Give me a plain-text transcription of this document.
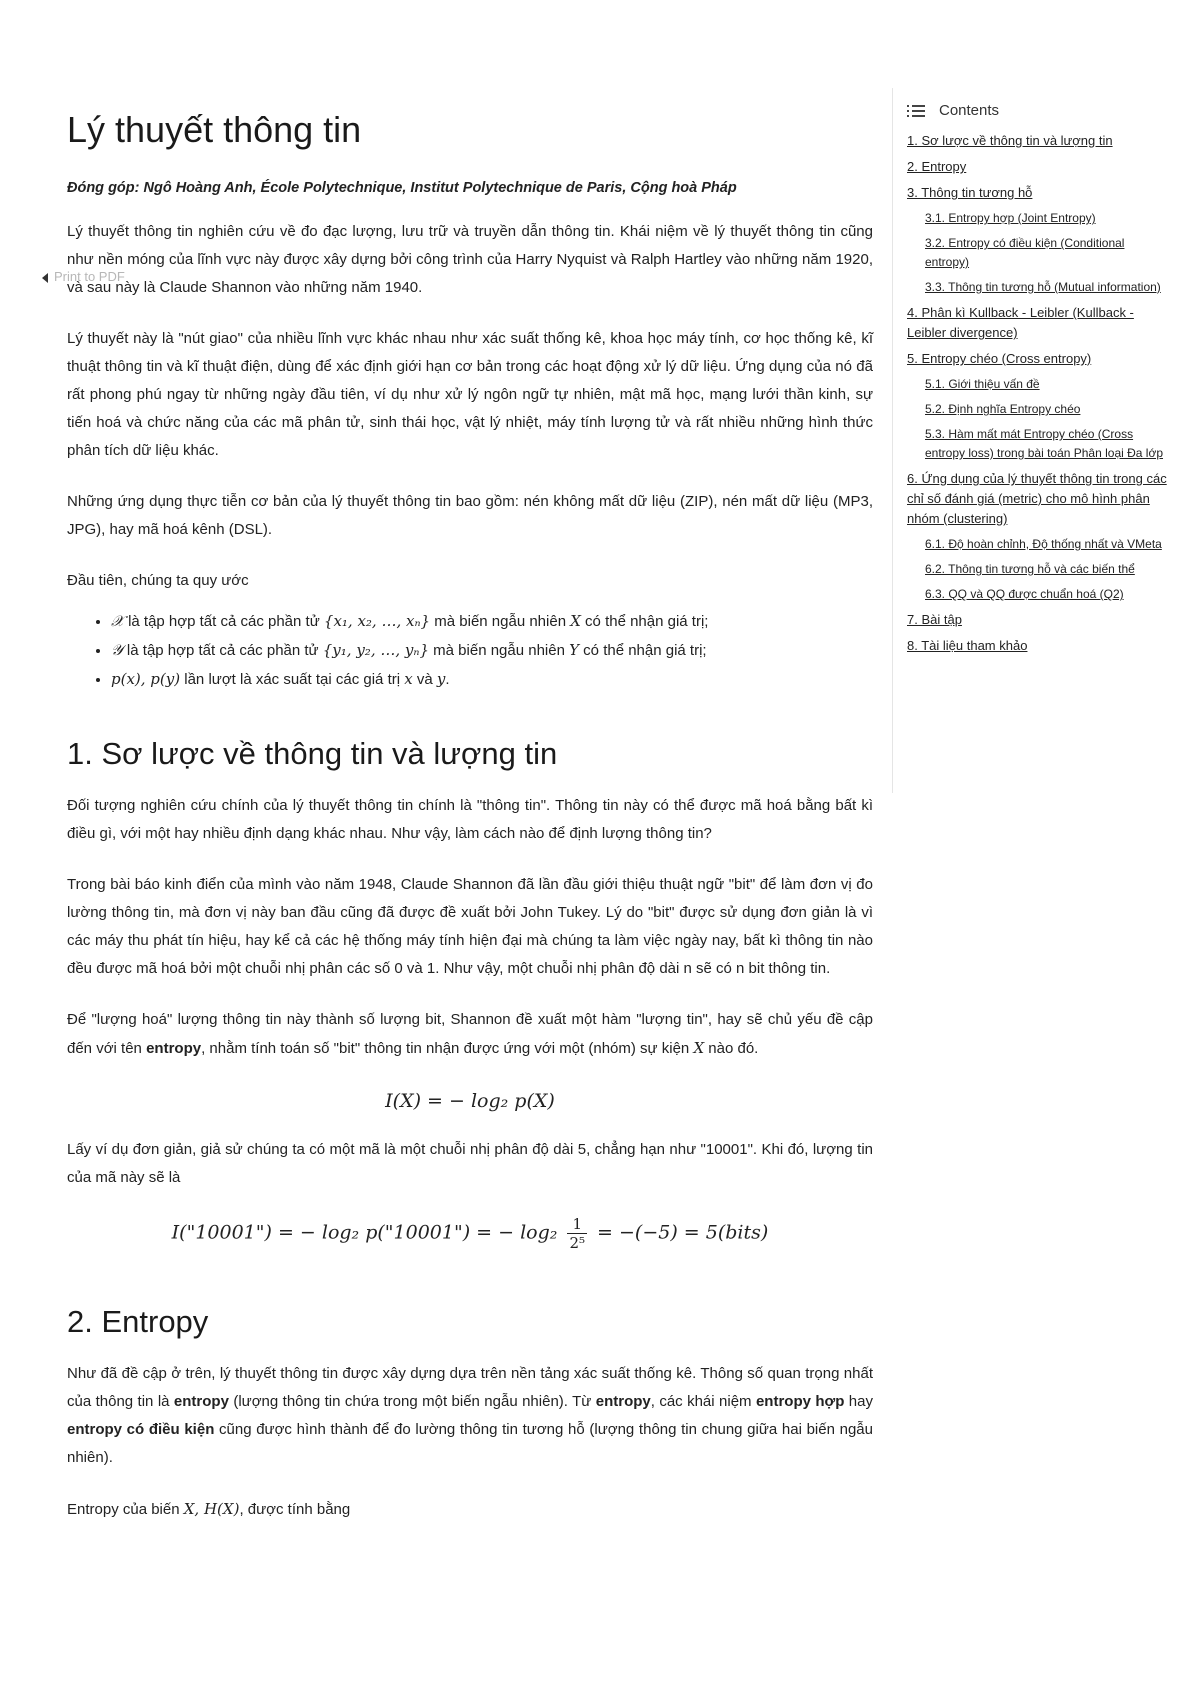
Print to PDF
Lý thuyết thông tin

Đóng góp: Ngô Hoàng Anh, École Polytechnique, Institut Polytechnique de Paris, Cộng hoà Pháp

Lý thuyết thông tin nghiên cứu về đo đạc lượng, lưu trữ và truyền dẫn thông tin. Khái niệm về lý thuyết thông tin cũng như nền móng của lĩnh vực này được xây dựng bởi công trình của Harry Nyquist và Ralph Hartley vào những năm 1920, và sau này là Claude Shannon vào những năm 1940.

Lý thuyết này là "nút giao" của nhiều lĩnh vực khác nhau như xác suất thống kê, khoa học máy tính, cơ học thống kê, kĩ thuật thông tin và kĩ thuật điện, dùng để xác định giới hạn cơ bản trong các hoạt động xử lý dữ liệu. Ứng dụng của nó đã rất phong phú ngay từ những ngày đầu tiên, ví dụ như xử lý ngôn ngữ tự nhiên, mật mã học, mạng lưới thần kinh, sự tiến hoá và chức năng của các mã phân tử, sinh thái học, vật lý nhiệt, máy tính lượng tử và rất nhiều những hình thức phân tích dữ liệu khác.

Những ứng dụng thực tiễn cơ bản của lý thuyết thông tin bao gồm: nén không mất dữ liệu (ZIP), nén mất dữ liệu (MP3, JPG), hay mã hoá kênh (DSL).

Đầu tiên, chúng ta quy ước

• 𝒳 là tập hợp tất cả các phần tử {x₁, x₂, …, xₙ} mà biến ngẫu nhiên X có thể nhận giá trị;
• 𝒴 là tập hợp tất cả các phần tử {y₁, y₂, …, yₙ} mà biến ngẫu nhiên Y có thể nhận giá trị;
• p(x), p(y) lần lượt là xác suất tại các giá trị x và y.
1. Sơ lược về thông tin và lượng tin

Đối tượng nghiên cứu chính của lý thuyết thông tin chính là "thông tin". Thông tin này có thể được mã hoá bằng bất kì điều gì, với một hay nhiều định dạng khác nhau. Như vậy, làm cách nào để định lượng thông tin?

Trong bài báo kinh điển của mình vào năm 1948, Claude Shannon đã lần đầu giới thiệu thuật ngữ "bit" để làm đơn vị đo lường thông tin, mà đơn vị này ban đầu cũng đã được đề xuất bởi John Tukey. Lý do "bit" được sử dụng đơn giản là vì các máy thu phát tín hiệu, hay kể cả các hệ thống máy tính hiện đại mà chúng ta làm việc ngày nay, bất kì thông tin nào đều được mã hoá bởi một chuỗi nhị phân các số 0 và 1. Như vậy, một chuỗi nhị phân độ dài n sẽ có n bit thông tin.

Để "lượng hoá" lượng thông tin này thành số lượng bit, Shannon đề xuất một hàm "lượng tin", hay sẽ chủ yếu đề cập đến với tên entropy, nhằm tính toán số "bit" thông tin nhận được ứng với một (nhóm) sự kiện X nào đó.

I(X) = − log₂ p(X)

Lấy ví dụ đơn giản, giả sử chúng ta có một mã là một chuỗi nhị phân độ dài 5, chẳng hạn như "10001". Khi đó, lượng tin của mã này sẽ là

I("10001") = − log₂ p("10001") = − $\log_2 \frac{1}{\text{2⁵}} = -(-5)$ = 5(bits)
2. Entropy

Như đã đề cập ở trên, lý thuyết thông tin được xây dựng dựa trên nền tảng xác suất thống kê. Thông số quan trọng nhất của thông tin là entropy (lượng thông tin chứa trong một biến ngẫu nhiên). Từ entropy, các khái niệm entropy hợp hay entropy có điều kiện cũng được hình thành để đo lường thông tin tương hỗ (lượng thông tin chung giữa hai biến ngẫu nhiên).

Entropy của biến X, H(X), được tính bằng

Contents
1. Sơ lược về thông tin và lượng tin
2. Entropy
3. Thông tin tương hỗ
3.1. Entropy hợp (Joint Entropy)
3.2. Entropy có điều kiện (Conditional entropy)
3.3. Thông tin tương hỗ (Mutual information)
4. Phân kì Kullback - Leibler (Kullback - Leibler divergence)
5. Entropy chéo (Cross entropy)
5.1. Giới thiệu vấn đề
5.2. Định nghĩa Entropy chéo
5.3. Hàm mất mát Entropy chéo (Cross entropy loss) trong bài toán Phân loại Đa lớp
6. Ứng dụng của lý thuyết thông tin trong các chỉ số đánh giá (metric) cho mô hình phân nhóm (clustering)
6.1. Độ hoàn chỉnh, Độ thống nhất và VMeta
6.2. Thông tin tương hỗ và các biến thể
6.3. QQ và QQ được chuẩn hoá (Q2)
7. Bài tập
8. Tài liệu tham khảo
